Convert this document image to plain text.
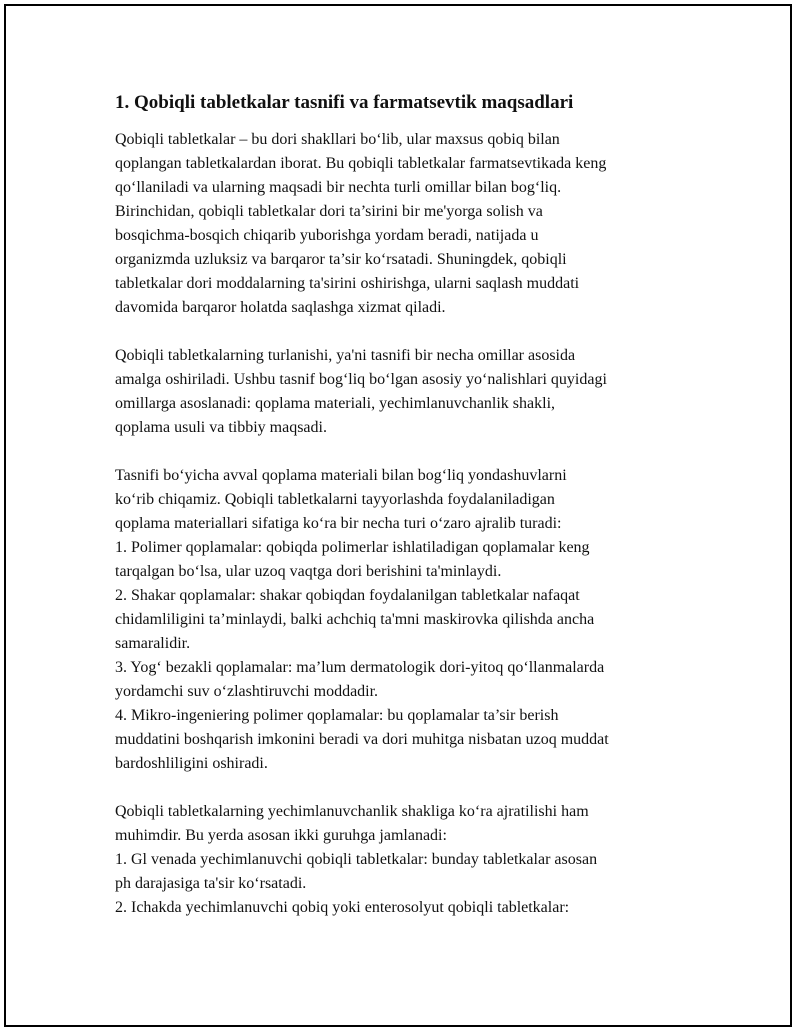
1. Qobiqli tabletkalar tasnifi va farmatsevtik maqsadlari
Qobiqli tabletkalar – bu dori shakllari bo‘lib, ular maxsus qobiq bilan
qoplangan tabletkalardan iborat. Bu qobiqli tabletkalar farmatsevtikada keng
qo‘llaniladi va ularning maqsadi bir nechta turli omillar bilan bog‘liq.
Birinchidan, qobiqli tabletkalar dori ta’sirini bir me'yorga solish va
bosqichma-bosqich chiqarib yuborishga yordam beradi, natijada u
organizmda uzluksiz va barqaror ta’sir ko‘rsatadi. Shuningdek, qobiqli
tabletkalar dori moddalarning ta'sirini oshirishga, ularni saqlash muddati
davomida barqaror holatda saqlashga xizmat qiladi.
Qobiqli tabletkalarning turlanishi, ya'ni tasnifi bir necha omillar asosida
amalga oshiriladi. Ushbu tasnif bog‘liq bo‘lgan asosiy yo‘nalishlari quyidagi
omillarga asoslanadi: qoplama materiali, yechimlanuvchanlik shakli,
qoplama usuli va tibbiy maqsadi.
Tasnifi bo‘yicha avval qoplama materiali bilan bog‘liq yondashuvlarni
ko‘rib chiqamiz. Qobiqli tabletkalarni tayyorlashda foydalaniladigan
qoplama materiallari sifatiga ko‘ra bir necha turi o‘zaro ajralib turadi:
1. Polimer qoplamalar: qobiqda polimerlar ishlatiladigan qoplamalar keng
tarqalgan bo‘lsa, ular uzoq vaqtga dori berishini ta'minlaydi.
2. Shakar qoplamalar: shakar qobiqdan foydalanilgan tabletkalar nafaqat
chidamliligini ta’minlaydi, balki achchiq ta'mni maskirovka qilishda ancha
samaralidir.
3. Yog‘ bezakli qoplamalar: ma’lum dermatologik dori-yitoq qo‘llanmalarda
yordamchi suv o‘zlashtiruvchi moddadir.
4. Mikro-ingeniering polimer qoplamalar: bu qoplamalar ta’sir berish
muddatini boshqarish imkonini beradi va dori muhitga nisbatan uzoq muddat
bardoshliligini oshiradi.
Qobiqli tabletkalarning yechimlanuvchanlik shakliga ko‘ra ajratilishi ham
muhimdir. Bu yerda asosan ikki guruhga jamlanadi:
1. Gl venada yechimlanuvchi qobiqli tabletkalar: bunday tabletkalar asosan
ph darajasiga ta'sir ko‘rsatadi.
2. Ichakda yechimlanuvchi qobiq yoki enterosolyut qobiqli tabletkalar:
